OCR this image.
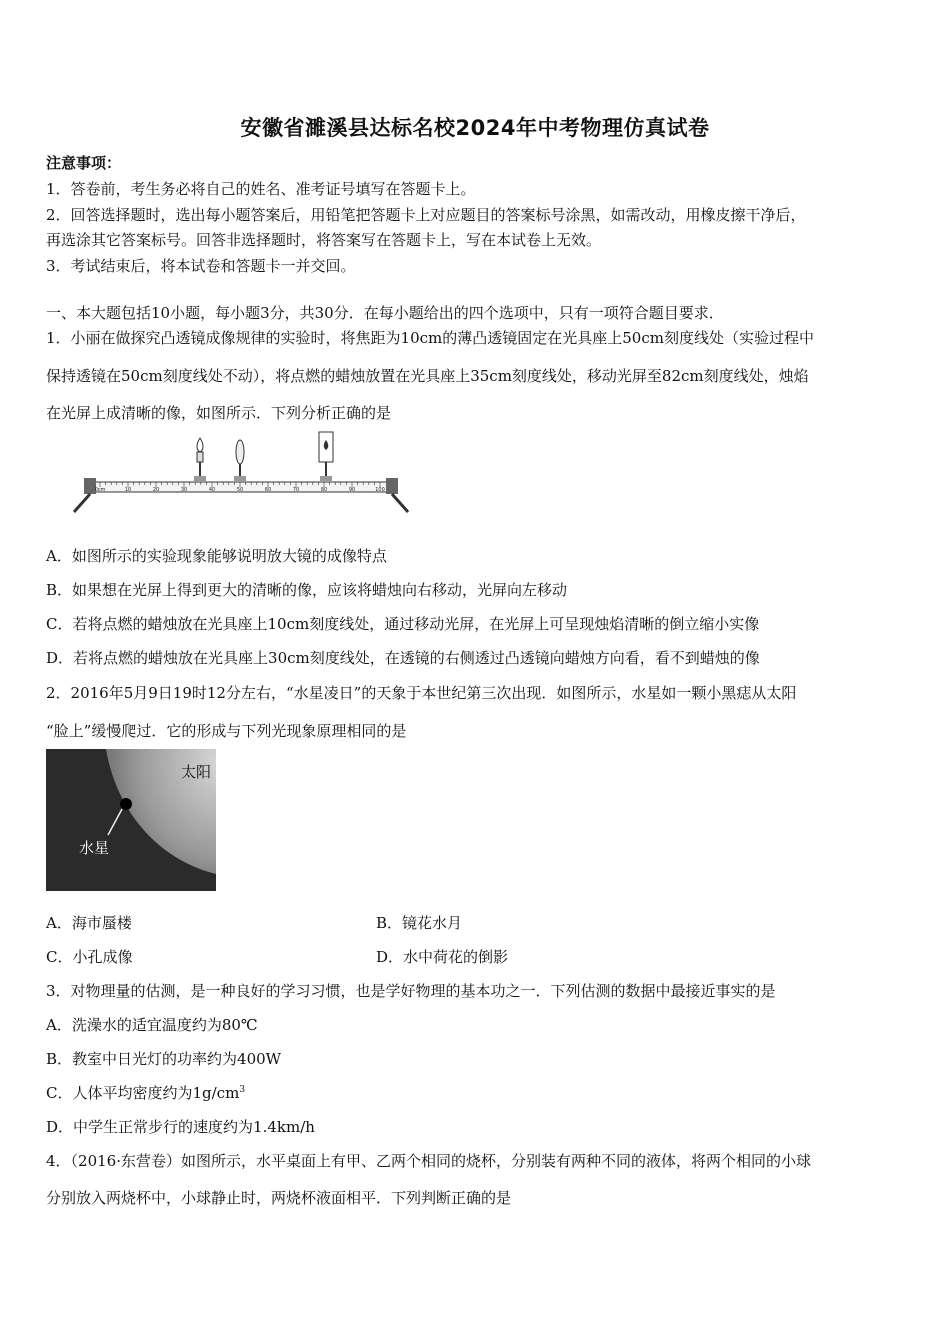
安徽省濉溪县达标名校2024年中考物理仿真试卷
注意事项：
1．答卷前，考生务必将自己的姓名、准考证号填写在答题卡上。
2．回答选择题时，选出每小题答案后，用铅笔把答题卡上对应题目的答案标号涂黑，如需改动，用橡皮擦干净后，
再选涂其它答案标号。回答非选择题时，将答案写在答题卡上，写在本试卷上无效。
3．考试结束后，将本试卷和答题卡一并交回。
一、本大题包括10小题，每小题3分，共30分．在每小题给出的四个选项中，只有一项符合题目要求．
1．小丽在做探究凸透镜成像规律的实验时，将焦距为10cm的薄凸透镜固定在光具座上50cm刻度线处（实验过程中
保持透镜在50cm刻度线处不动），将点燃的蜡烛放置在光具座上35cm刻度线处，移动光屏至82cm刻度线处，烛焰
在光屏上成清晰的像，如图所示．下列分析正确的是
0cm	10	20	30	40	50	60	70	80	90	100
A．如图所示的实验现象能够说明放大镜的成像特点
B．如果想在光屏上得到更大的清晰的像，应该将蜡烛向右移动，光屏向左移动
C．若将点燃的蜡烛放在光具座上10cm刻度线处，通过移动光屏，在光屏上可呈现烛焰清晰的倒立缩小实像
D．若将点燃的蜡烛放在光具座上30cm刻度线处，在透镜的右侧透过凸透镜向蜡烛方向看，看不到蜡烛的像
2．2016年5月9日19时12分左右，“水星凌日”的天象于本世纪第三次出现．如图所示，水星如一颗小黑痣从太阳
“脸上”缓慢爬过．它的形成与下列光现象原理相同的是
太阳
水星
A．海市蜃楼	B．镜花水月
C．小孔成像	D．水中荷花的倒影
3．对物理量的估测，是一种良好的学习习惯，也是学好物理的基本功之一．下列估测的数据中最接近事实的是
A．洗澡水的适宜温度约为80℃
B．教室中日光灯的功率约为400W
C．人体平均密度约为$1g/cm^3$
D．中学生正常步行的速度约为1.4km/h
4．（2016·东营卷）如图所示，水平桌面上有甲、乙两个相同的烧杯，分别装有两种不同的液体，将两个相同的小球
分别放入两烧杯中，小球静止时，两烧杯液面相平．下列判断正确的是
